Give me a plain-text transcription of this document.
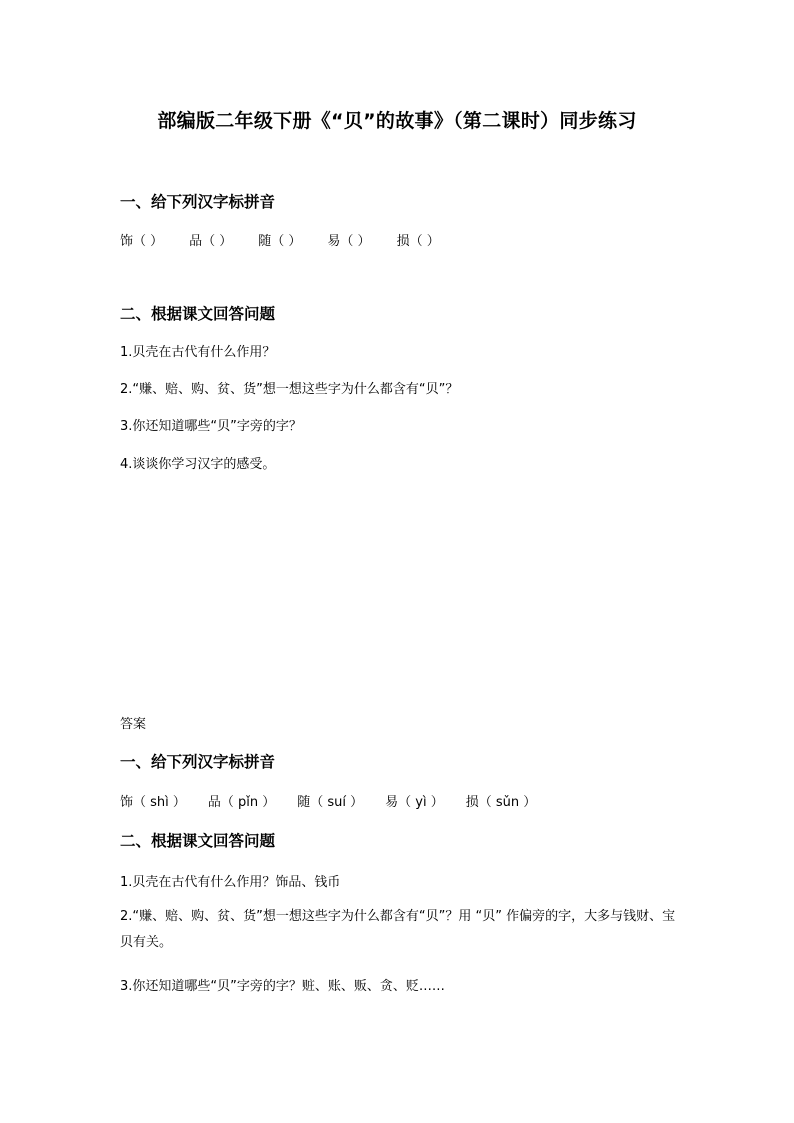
部编版二年级下册《“贝”的故事》（第二课时）同步练习
一、给下列汉字标拼音
饰（ ） 品（ ） 随（ ） 易（ ） 损（ ）
二、根据课文回答问题
1.贝壳在古代有什么作用？
2.“赚、赔、购、贫、货”想一想这些字为什么都含有“贝”？
3.你还知道哪些“贝”字旁的字？
4.谈谈你学习汉字的感受。
答案
一、给下列汉字标拼音
饰（ shì ） 品（ pǐn ） 随（ suí ） 易（ yì ） 损（ sǔn ）
二、根据课文回答问题
1.贝壳在古代有什么作用？饰品、钱币
2.“赚、赔、购、贫、货”想一想这些字为什么都含有“贝”？用 “贝” 作偏旁的字，大多与钱财、宝贝有关。
3.你还知道哪些“贝”字旁的字？赃、账、贩、贪、贬……
